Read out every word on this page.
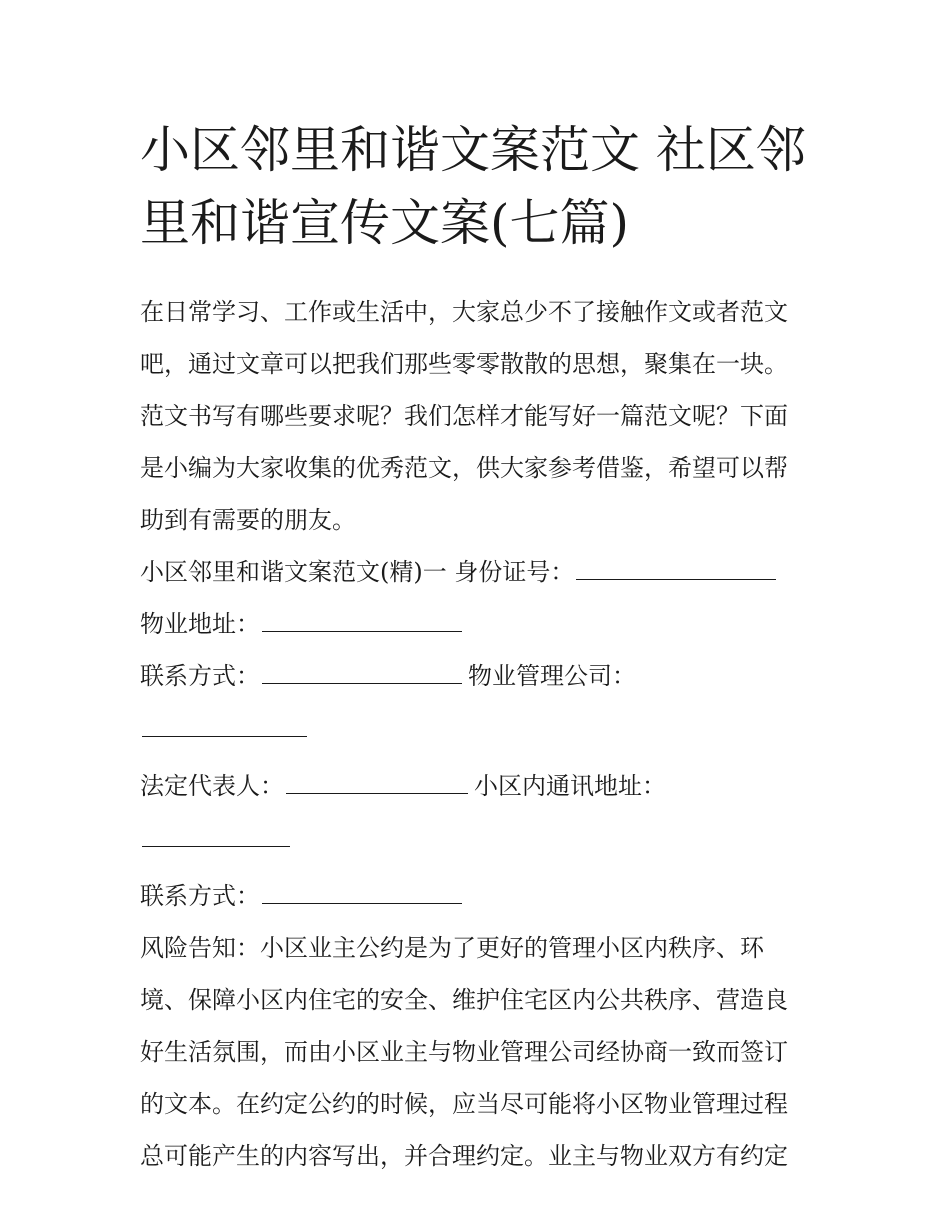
小区邻里和谐文案范文 社区邻
里和谐宣传文案(七篇)

在日常学习、工作或生活中，大家总少不了接触作文或者范文

吧，通过文章可以把我们那些零零散散的思想，聚集在一块。

范文书写有哪些要求呢？我们怎样才能写好一篇范文呢？下面

是小编为大家收集的优秀范文，供大家参考借鉴，希望可以帮

助到有需要的朋友。

小区邻里和谐文案范文(精)一 身份证号：

物业地址：

联系方式：	物业管理公司：

法定代表人：	小区内通讯地址：

联系方式：

风险告知：小区业主公约是为了更好的管理小区内秩序、环

境、保障小区内住宅的安全、维护住宅区内公共秩序、营造良

好生活氛围，而由小区业主与物业管理公司经协商一致而签订

的文本。在约定公约的时候，应当尽可能将小区物业管理过程

总可能产生的内容写出，并合理约定。业主与物业双方有约定
